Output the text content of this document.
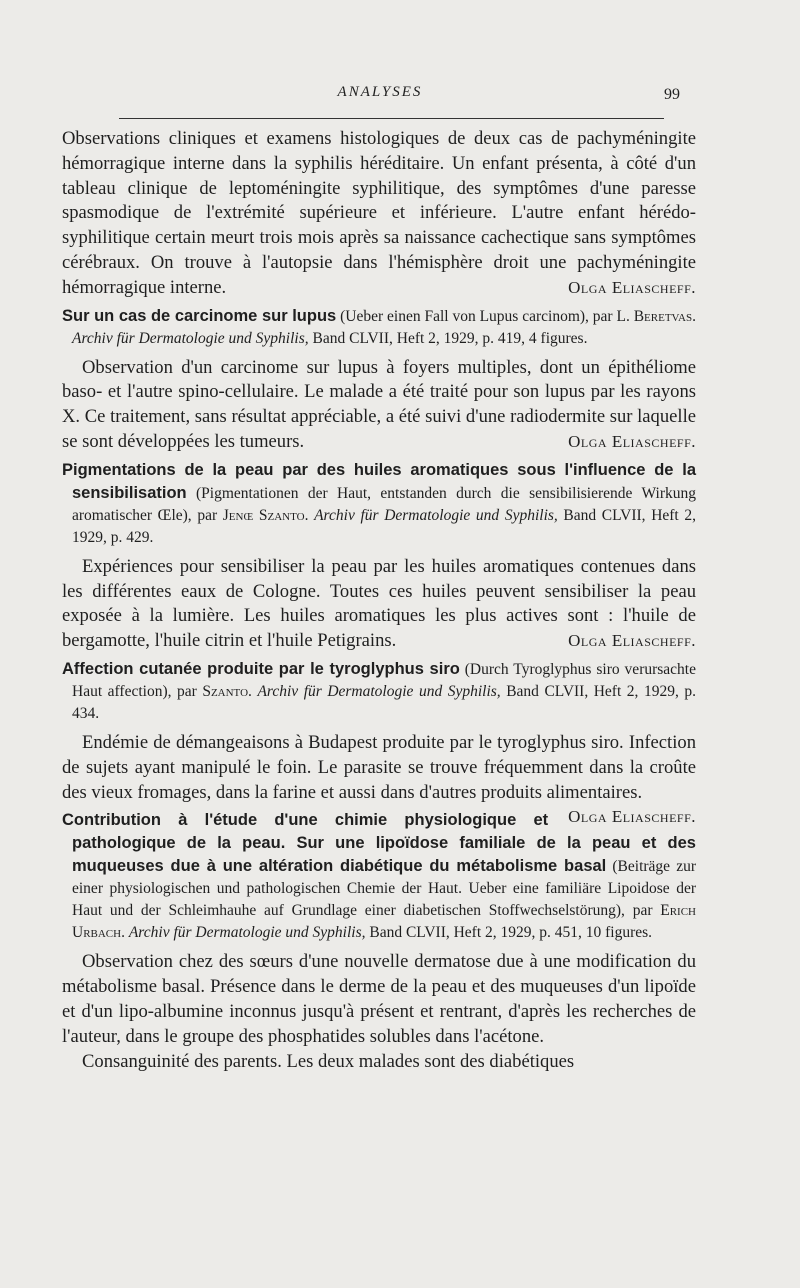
ANALYSES	99

Observations cliniques et examens histologiques de deux cas de pachyméningite hémorragique interne dans la syphilis héréditaire. Un enfant présenta, à côté d'un tableau clinique de leptoméningite syphilitique, des symptômes d'une paresse spasmodique de l'extrémité supérieure et inférieure. L'autre enfant hérédo-syphilitique certain meurt trois mois après sa naissance cachectique sans symptômes cérébraux. On trouve à l'autopsie dans l'hémisphère droit une pachyméningite hémorragique interne.	Olga Eliascheff.

Sur un cas de carcinome sur lupus (Ueber einen Fall von Lupus carcinom), par L. Beretvas. Archiv für Dermatologie und Syphilis, Band CLVII, Heft 2, 1929, p. 419, 4 figures.

Observation d'un carcinome sur lupus à foyers multiples, dont un épithéliome baso- et l'autre spino-cellulaire. Le malade a été traité pour son lupus par les rayons X. Ce traitement, sans résultat appréciable, a été suivi d'une radiodermite sur laquelle se sont développées les tumeurs.	Olga Eliascheff.

Pigmentations de la peau par des huiles aromatiques sous l'influence de la sensibilisation (Pigmentationen der Haut, entstanden durch die sensibilisierende Wirkung aromatischer Œle), par Jenœ Szanto. Archiv für Dermatologie und Syphilis, Band CLVII, Heft 2, 1929, p. 429.

Expériences pour sensibiliser la peau par les huiles aromatiques contenues dans les différentes eaux de Cologne. Toutes ces huiles peuvent sensibiliser la peau exposée à la lumière. Les huiles aromatiques les plus actives sont : l'huile de bergamotte, l'huile citrin et l'huile Petigrains.	Olga Eliascheff.

Affection cutanée produite par le tyroglyphus siro (Durch Tyroglyphus siro verursachte Haut affection), par Szanto. Archiv für Dermatologie und Syphilis, Band CLVII, Heft 2, 1929, p. 434.

Endémie de démangeaisons à Budapest produite par le tyroglyphus siro. Infection de sujets ayant manipulé le foin. Le parasite se trouve fréquemment dans la croûte des vieux fromages, dans la farine et aussi dans d'autres produits alimentaires.
Olga Eliascheff.

Contribution à l'étude d'une chimie physiologique et pathologique de la peau. Sur une lipoïdose familiale de la peau et des muqueuses due à une altération diabétique du métabolisme basal (Beiträge zur einer physiologischen und pathologischen Chemie der Haut. Ueber eine familiäre Lipoidose der Haut und der Schleimhauhe auf Grundlage einer diabetischen Stoffwechselstörung), par Erich Urbach. Archiv für Dermatologie und Syphilis, Band CLVII, Heft 2, 1929, p. 451, 10 figures.

Observation chez des sœurs d'une nouvelle dermatose due à une modification du métabolisme basal. Présence dans le derme de la peau et des muqueuses d'un lipoïde et d'un lipo-albumine inconnus jusqu'à présent et rentrant, d'après les recherches de l'auteur, dans le groupe des phosphatides solubles dans l'acétone.

Consanguinité des parents. Les deux malades sont des diabétiques
